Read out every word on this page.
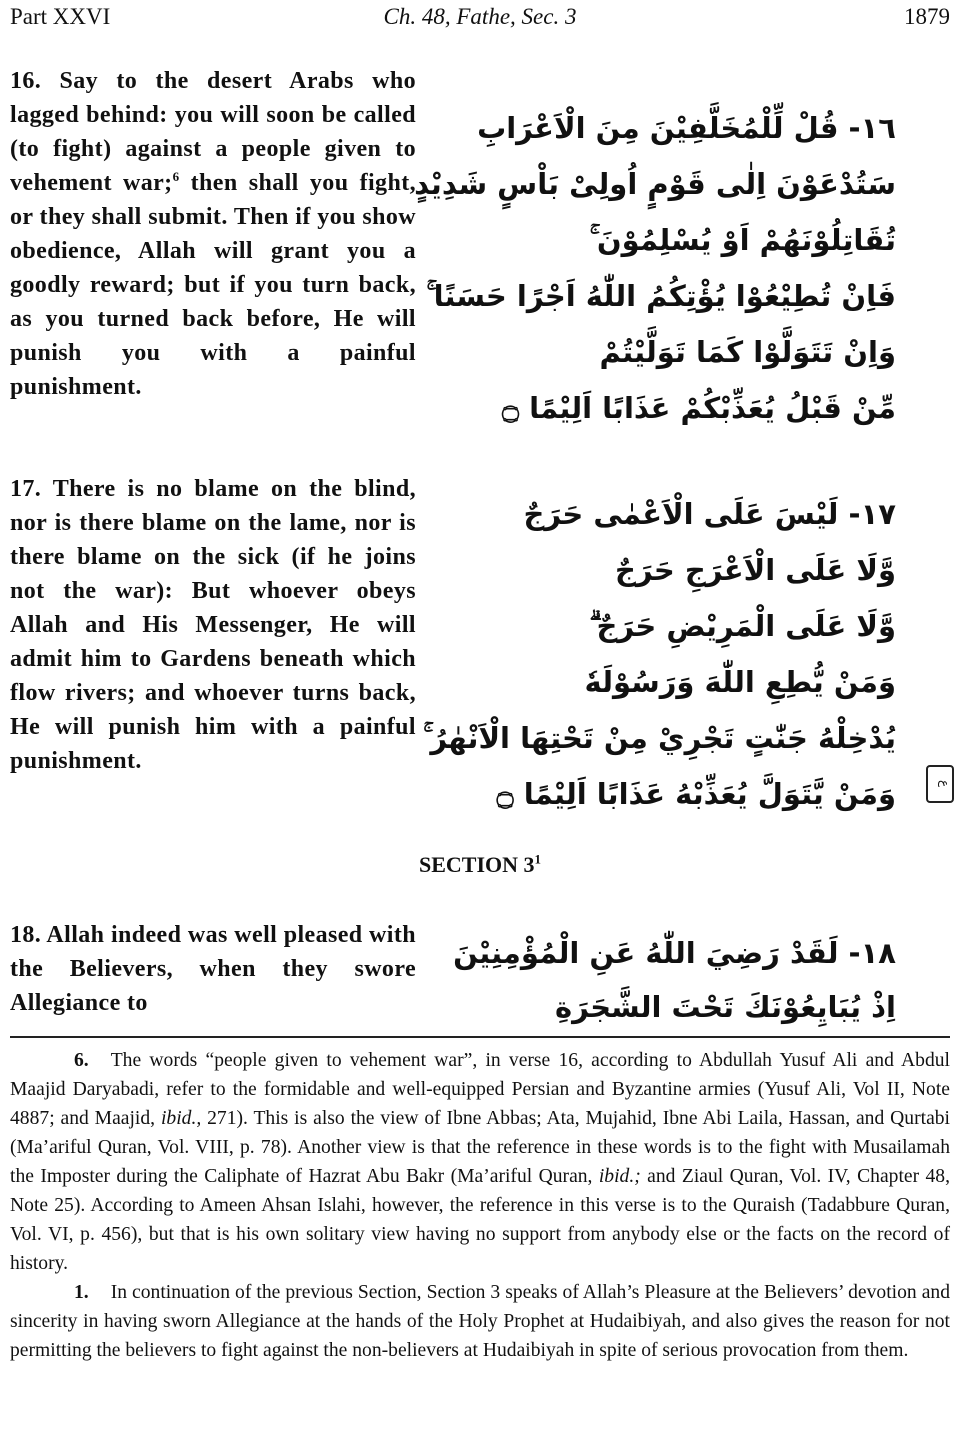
Part XXVI	Ch. 48, Fathe, Sec. 3	1879
16. Say to the desert Arabs who lagged behind: you will soon be called (to fight) against a people given to vehement war;$^6$ then shall you fight, or they shall submit. Then if you show obedience, Allah will grant you a goodly reward; but if you turn back, as you turned back before, He will punish you with a painful punishment.
١٦- قُلْ لِّلْمُخَلَّفِيْنَ مِنَ الْاَعْرَابِ
سَتُدْعَوْنَ اِلٰى قَوْمٍ اُولِىْ بَاْسٍ شَدِيْدٍ
تُقَاتِلُوْنَهُمْ اَوْ يُسْلِمُوْنَ ۚ
فَاِنْ تُطِيْعُوْا يُؤْتِكُمُ اللّٰهُ اَجْرًا حَسَنًا ۚ
وَاِنْ تَتَوَلَّوْا كَمَا تَوَلَّيْتُمْ
مِّنْ قَبْلُ يُعَذِّبْكُمْ عَذَابًا اَلِيْمًا ۝
17. There is no blame on the blind, nor is there blame on the lame, nor is there blame on the sick (if he joins not the war): But whoever obeys Allah and His Messenger, He will admit him to Gardens beneath which flow rivers; and whoever turns back, He will punish him with a painful punishment.
١٧- لَيْسَ عَلَى الْاَعْمٰى حَرَجٌ
وَّلَا عَلَى الْاَعْرَجِ حَرَجٌ
وَّلَا عَلَى الْمَرِيْضِ حَرَجٌ ۗ
وَمَنْ يُّطِعِ اللّٰهَ وَرَسُوْلَهٗ
يُدْخِلْهُ جَنّٰتٍ تَجْرِيْ مِنْ تَحْتِهَا الْاَنْهٰرُ ۚ
وَمَنْ يَّتَوَلَّ يُعَذِّبْهُ عَذَابًا اَلِيْمًا ۝	ع
SECTION $3^1$
18. Allah indeed was well pleased with the Believers, when they swore Allegiance to
١٨- لَقَدْ رَضِيَ اللّٰهُ عَنِ الْمُؤْمِنِيْنَ
اِذْ يُبَايِعُوْنَكَ تَحْتَ الشَّجَرَةِ

6. The words “people given to vehement war”, in verse 16, according to Abdullah Yusuf Ali and Abdul Maajid Daryabadi, refer to the formidable and well-equipped Persian and Byzantine armies (Yusuf Ali, Vol II, Note 4887; and Maajid, ibid., 271). This is also the view of Ibne Abbas; Ata, Mujahid, Ibne Abi Laila, Hassan, and Qurtabi (Ma’ariful Quran, Vol. VIII, p. 78). Another view is that the reference in these words is to the fight with Musailamah the Imposter during the Caliphate of Hazrat Abu Bakr (Ma’ariful Quran, ibid.; and Ziaul Quran, Vol. IV, Chapter 48, Note 25). According to Ameen Ahsan Islahi, however, the reference in this verse is to the Quraish (Tadabbure Quran, Vol. VI, p. 456), but that is his own solitary view having no support from anybody else or the facts on the record of history.

1. In continuation of the previous Section, Section 3 speaks of Allah’s Pleasure at the Believers’ devotion and sincerity in having sworn Allegiance at the hands of the Holy Prophet at Hudaibiyah, and also gives the reason for not permitting the believers to fight against the non-believers at Hudaibiyah in spite of serious provocation from them.
